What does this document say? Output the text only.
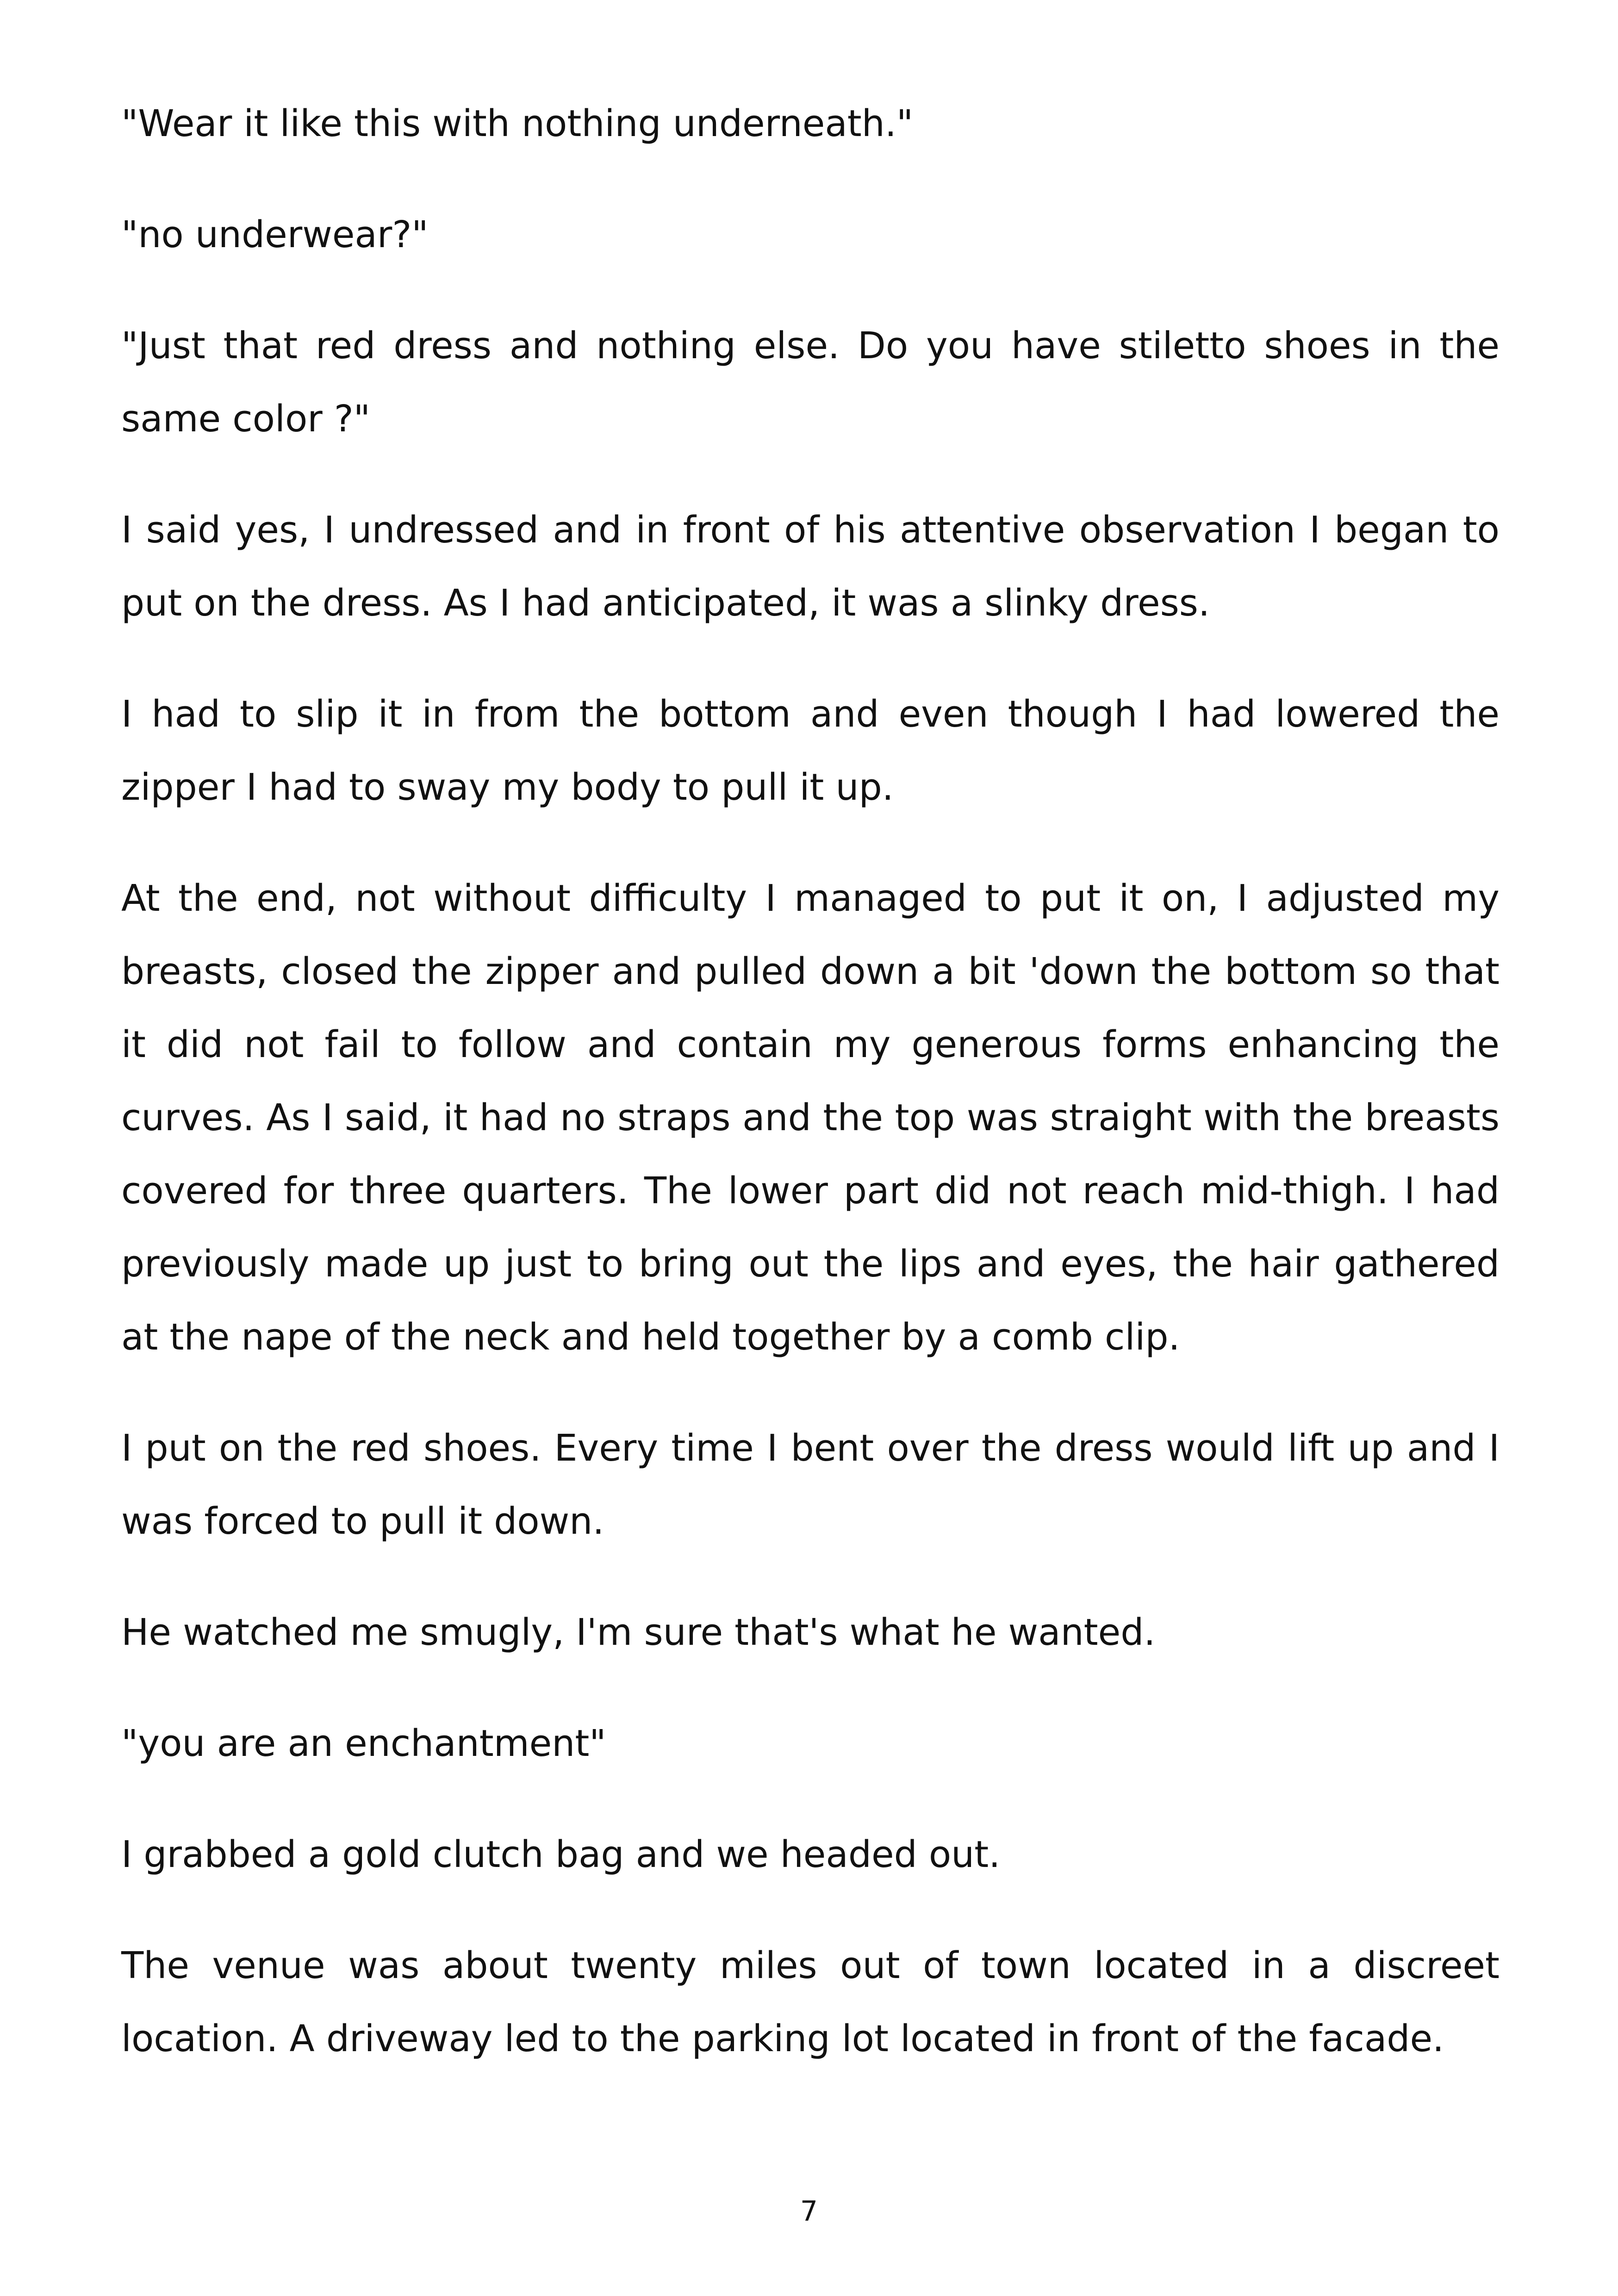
"Wear it like this with nothing underneath."

"no underwear?"

"Just that red dress and nothing else. Do you have stiletto shoes in the same color ?"

I said yes, I undressed and in front of his attentive observation I began to put on the dress. As I had anticipated, it was a slinky dress.

I had to slip it in from the bottom and even though I had lowered the zipper I had to sway my body to pull it up.

At the end, not without difficulty I managed to put it on, I adjusted my breasts, closed the zipper and pulled down a bit 'down the bottom so that it did not fail to follow and contain my generous forms enhancing the curves. As I said, it had no straps and the top was straight with the breasts covered for three quarters. The lower part did not reach mid-thigh. I had previously made up just to bring out the lips and eyes, the hair gathered at the nape of the neck and held together by a comb clip.

I put on the red shoes. Every time I bent over the dress would lift up and I was forced to pull it down.

He watched me smugly, I'm sure that's what he wanted.

"you are an enchantment"

I grabbed a gold clutch bag and we headed out.

The venue was about twenty miles out of town located in a discreet location. A driveway led to the parking lot located in front of the facade.

7
